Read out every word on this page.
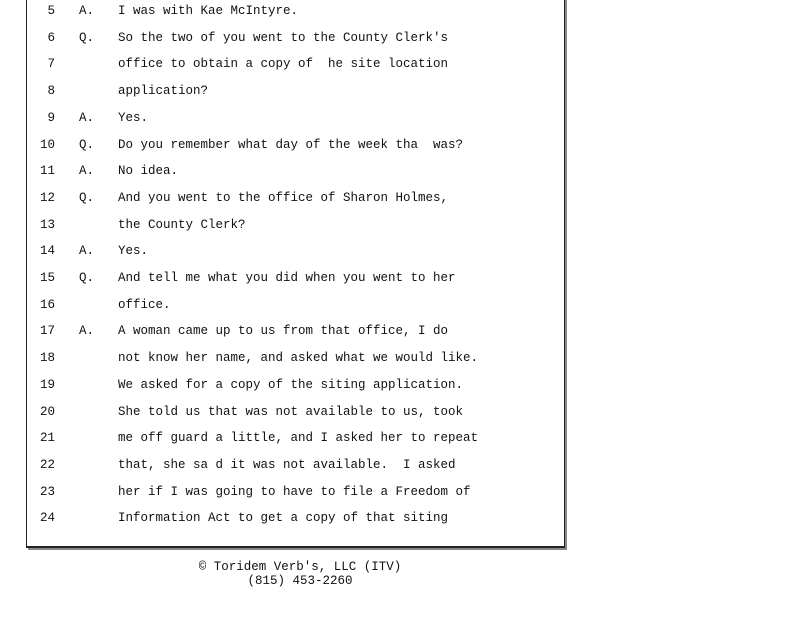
5 A. I was with Kae McIntyre.
6 Q. So the two of you went to the County Clerk's
7	office to obtain a copy of  he site location
8	application?
9 A. Yes.
10 Q. Do you remember what day of the week tha  was?
11 A. No idea.
12 Q. And you went to the office of Sharon Holmes,
13	the County Clerk?
14 A. Yes.
15 Q. And tell me what you did when you went to her
16	office.
17 A. A woman came up to us from that office, I do
18	not know her name, and asked what we would like.
19	We asked for a copy of the siting application.
20	She told us that was not available to us, took
21	me off guard a little, and I asked her to repeat
22	that, she sa d it was not available.  I asked
23	her if I was going to have to file a Freedom of
24	Information Act to get a copy of that siting
© Toridem Verb's, LLC (ITV)
(815) 453-2260
